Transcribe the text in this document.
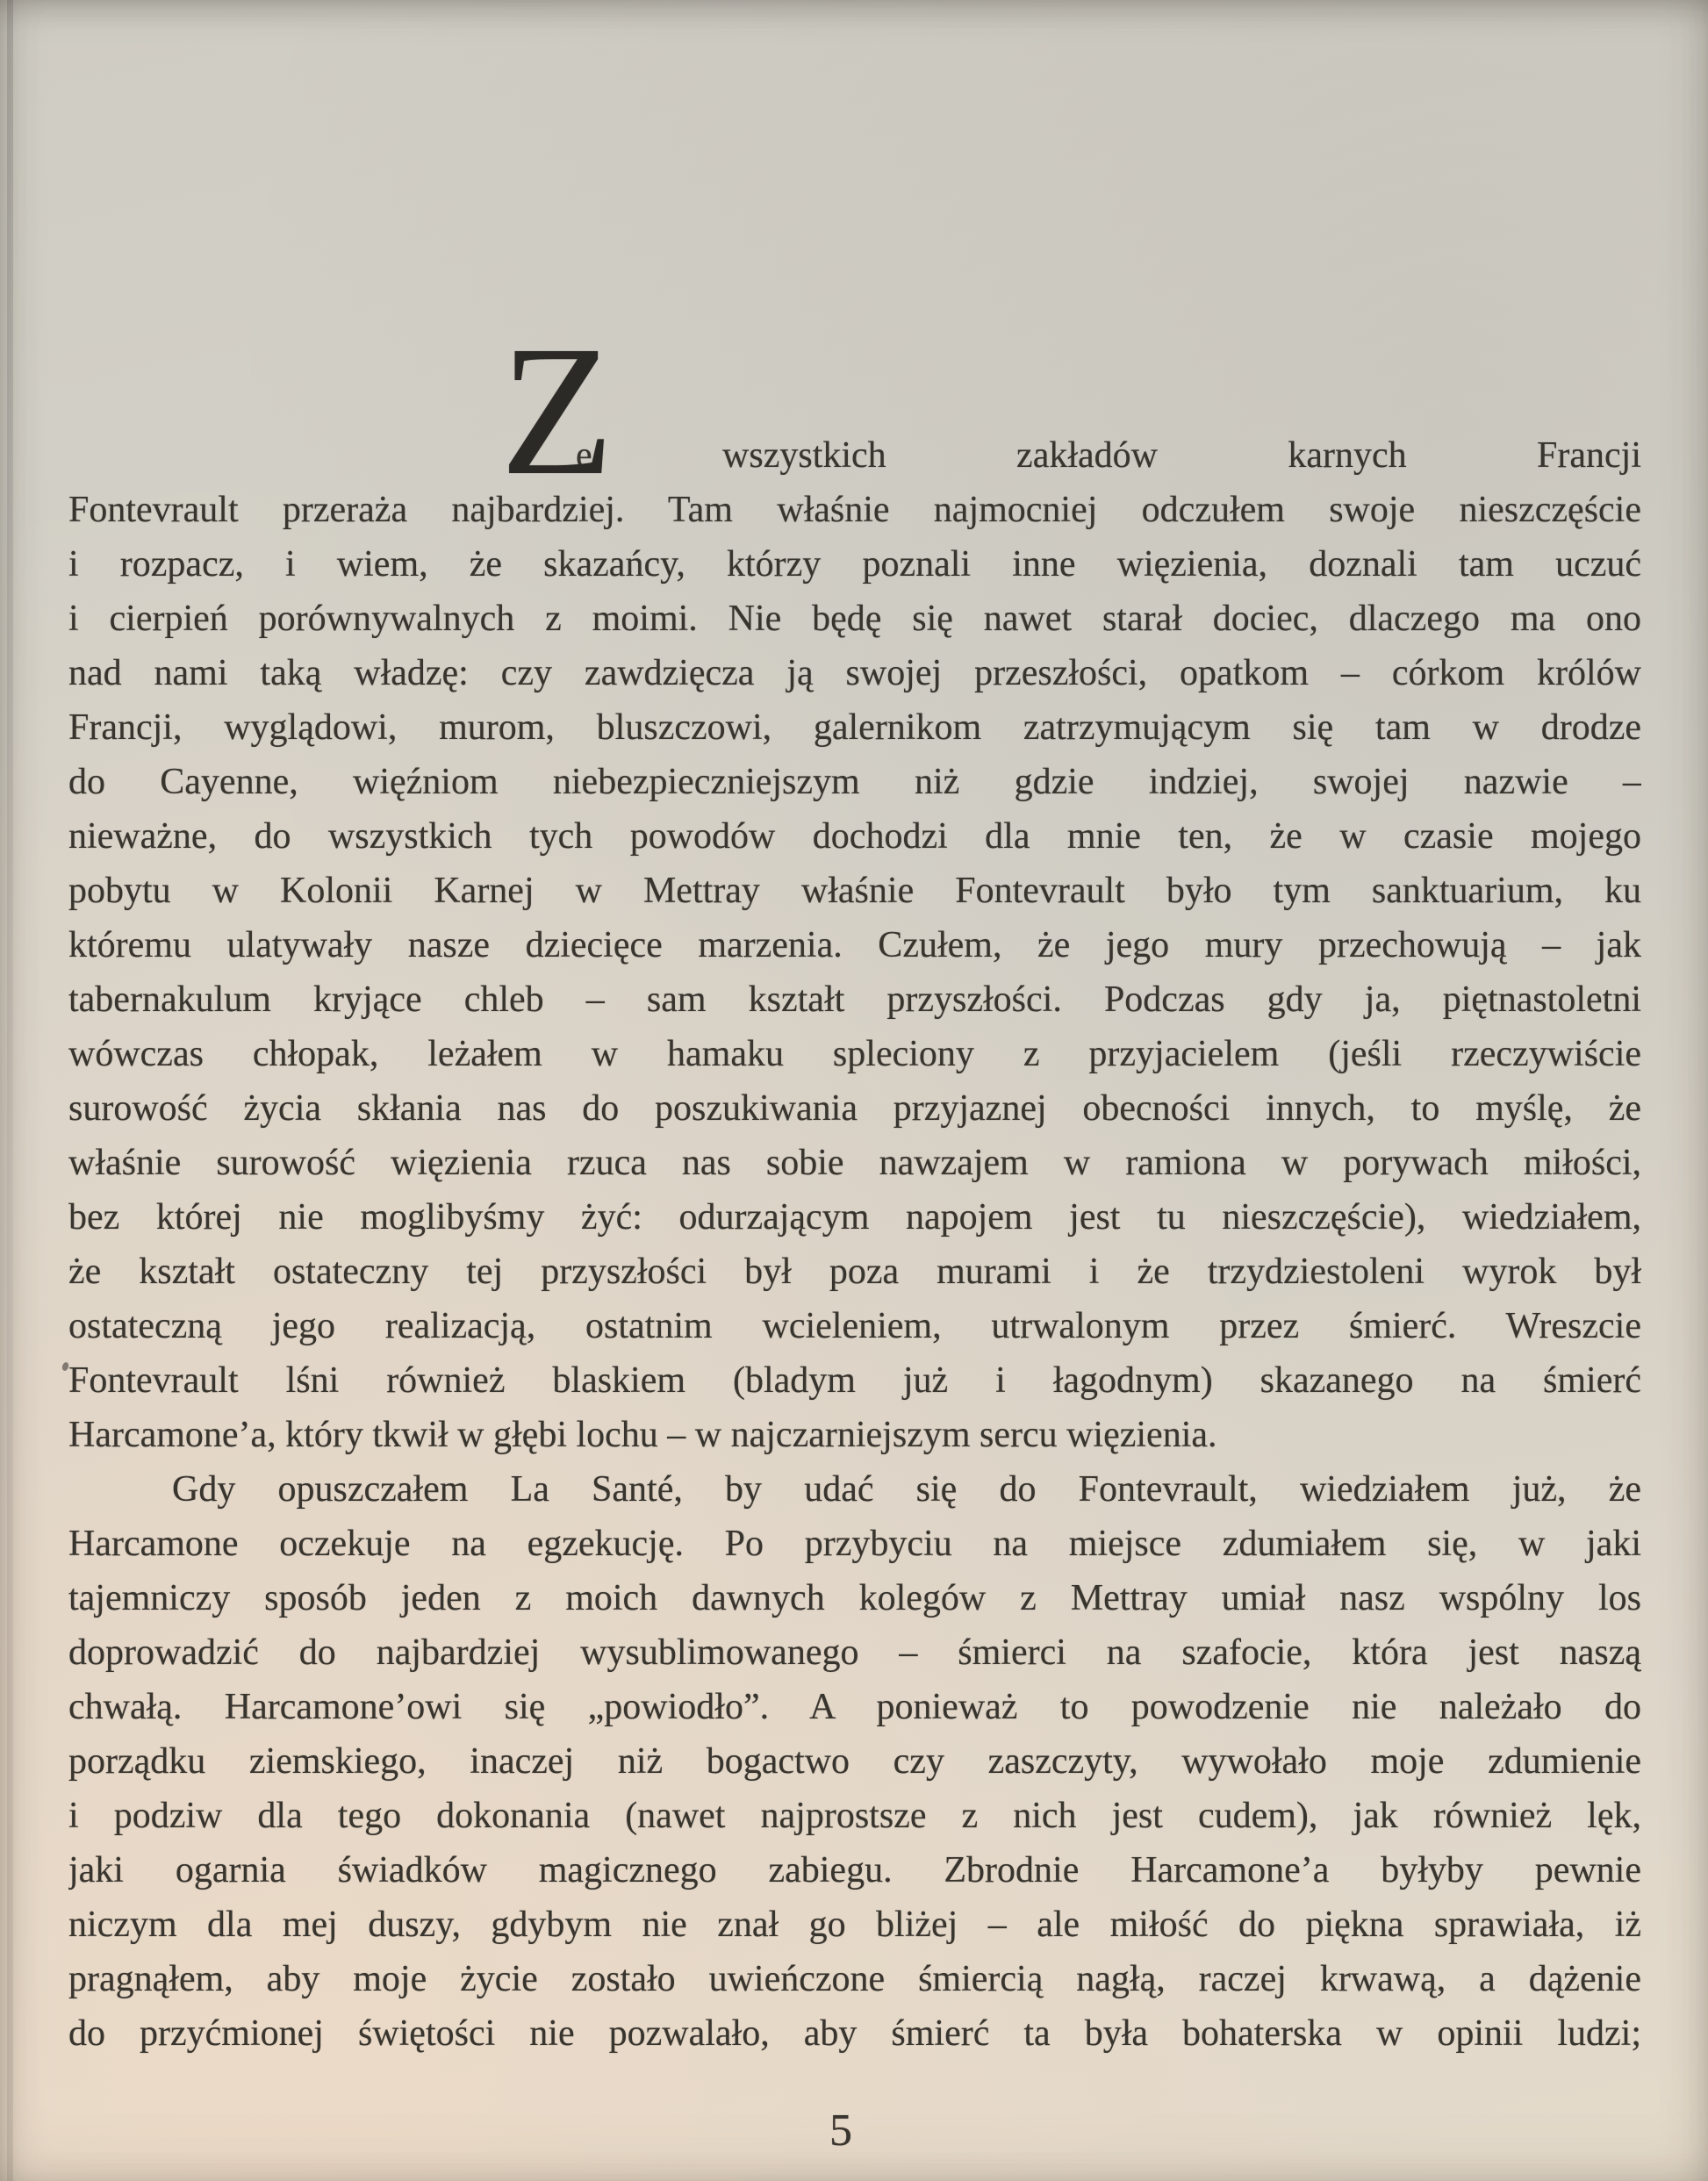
Z
e wszystkich zakładów karnych Francji
Fontevrault przeraża najbardziej. Tam właśnie najmocniej odczułem swoje nieszczęście
i rozpacz, i wiem, że skazańcy, którzy poznali inne więzienia, doznali tam uczuć
i cierpień porównywalnych z moimi. Nie będę się nawet starał dociec, dlaczego ma ono
nad nami taką władzę: czy zawdzięcza ją swojej przeszłości, opatkom – córkom królów
Francji, wyglądowi, murom, bluszczowi, galernikom zatrzymującym się tam w drodze
do Cayenne, więźniom niebezpieczniejszym niż gdzie indziej, swojej nazwie –
nieważne, do wszystkich tych powodów dochodzi dla mnie ten, że w czasie mojego
pobytu w Kolonii Karnej w Mettray właśnie Fontevrault było tym sanktuarium, ku
któremu ulatywały nasze dziecięce marzenia. Czułem, że jego mury przechowują – jak
tabernakulum kryjące chleb – sam kształt przyszłości. Podczas gdy ja, piętnastoletni
wówczas chłopak, leżałem w hamaku spleciony z przyjacielem (jeśli rzeczywiście
surowość życia skłania nas do poszukiwania przyjaznej obecności innych, to myślę, że
właśnie surowość więzienia rzuca nas sobie nawzajem w ramiona w porywach miłości,
bez której nie moglibyśmy żyć: odurzającym napojem jest tu nieszczęście), wiedziałem,
że kształt ostateczny tej przyszłości był poza murami i że trzydziestoleni wyrok był
ostateczną jego realizacją, ostatnim wcieleniem, utrwalonym przez śmierć. Wreszcie
Fontevrault lśni również blaskiem (bladym już i łagodnym) skazanego na śmierć
Harcamone’a, który tkwił w głębi lochu – w najczarniejszym sercu więzienia.
Gdy opuszczałem La Santé, by udać się do Fontevrault, wiedziałem już, że
Harcamone oczekuje na egzekucję. Po przybyciu na miejsce zdumiałem się, w jaki
tajemniczy sposób jeden z moich dawnych kolegów z Mettray umiał nasz wspólny los
doprowadzić do najbardziej wysublimowanego – śmierci na szafocie, która jest naszą
chwałą. Harcamone’owi się „powiodło”. A ponieważ to powodzenie nie należało do
porządku ziemskiego, inaczej niż bogactwo czy zaszczyty, wywołało moje zdumienie
i podziw dla tego dokonania (nawet najprostsze z nich jest cudem), jak również lęk,
jaki ogarnia świadków magicznego zabiegu. Zbrodnie Harcamone’a byłyby pewnie
niczym dla mej duszy, gdybym nie znał go bliżej – ale miłość do piękna sprawiała, iż
pragnąłem, aby moje życie zostało uwieńczone śmiercią nagłą, raczej krwawą, a dążenie
do przyćmionej świętości nie pozwalało, aby śmierć ta była bohaterska w opinii ludzi;
5
